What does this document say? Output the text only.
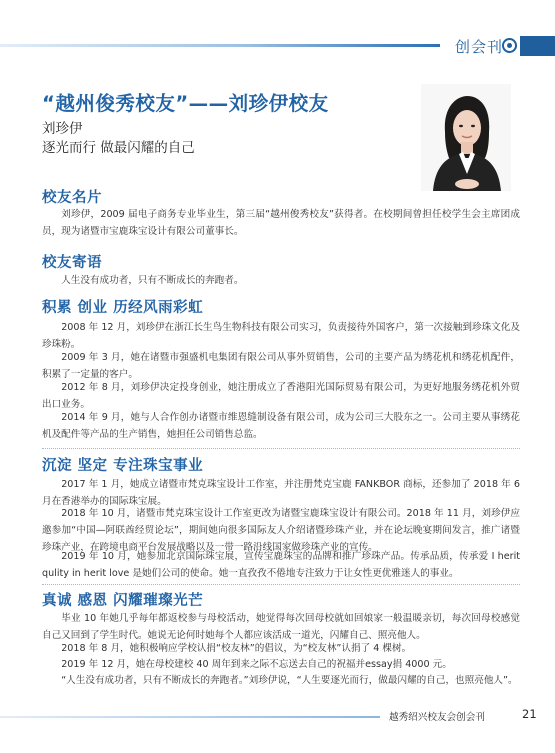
创会刊
“越州俊秀校友”——刘珍伊校友
刘珍伊
逐光而行 做最闪耀的自己
校友名片
刘珍伊，2009 届电子商务专业毕业生，第三届“越州俊秀校友”获得者。在校期间曾担任校学生会主席团成员，现为诸暨市宝鹿珠宝设计有限公司董事长。
校友寄语
人生没有成功者，只有不断成长的奔跑者。
积累 创业 历经风雨彩虹
2008 年 12 月，刘珍伊在浙江长生鸟生物科技有限公司实习，负责接待外国客户，第一次接触到珍珠文化及珍珠粉。
2009 年 3 月，她在诸暨市强盛机电集团有限公司从事外贸销售，公司的主要产品为绣花机和绣花机配件，积累了一定量的客户。
2012 年 8 月，刘珍伊决定投身创业，她注册成立了香港阳光国际贸易有限公司，为更好地服务绣花机外贸出口业务。
2014 年 9 月，她与人合作创办诸暨市维恩缝制设备有限公司，成为公司三大股东之一。公司主要从事绣花机及配件等产品的生产销售，她担任公司销售总监。
沉淀 坚定 专注珠宝事业
2017 年 1 月，她成立诸暨市梵克珠宝设计工作室，并注册梵克宝鹿 FANKBOR 商标，还参加了 2018 年 6 月在香港举办的国际珠宝展。
2018 年 10 月，诸暨市梵克珠宝设计工作室更改为诸暨宝鹿珠宝设计有限公司。2018 年 11 月，刘珍伊应邀参加“中国—阿联酋经贸论坛”，期间她向很多国际友人介绍诸暨珍珠产业，并在论坛晚宴期间发言，推广诸暨珍珠产业，在跨境电商平台发展战略以及一带一路沿线国家做珍珠产业的宣传。
2019 年 10 月，她参加北京国际珠宝展，宣传宝鹿珠宝的品牌和推广珍珠产品。传承品质，传承爱 I herit qulity in herit love 是她们公司的使命。她一直孜孜不倦地专注致力于让女性更优雅迷人的事业。
真诚 感恩 闪耀璀璨光芒
毕业 10 年她几乎每年都返校参与母校活动，她觉得每次回母校就如回娘家一般温暖亲切，每次回母校感觉自己又回到了学生时代。她说无论何时她每个人都应该活成一道光，闪耀自己、照亮他人。
2018 年 8 月，她积极响应学校认捐“校友林”的倡议，为“校友林”认捐了 4 棵树。
2019 年 12 月，她在母校建校 40 周年到来之际不忘送去自己的祝福并essay捐 4000 元。
“人生没有成功者，只有不断成长的奔跑者。”刘珍伊说，“人生要逐光而行，做最闪耀的自己，也照亮他人”。
越秀绍兴校友会创会刊	21
